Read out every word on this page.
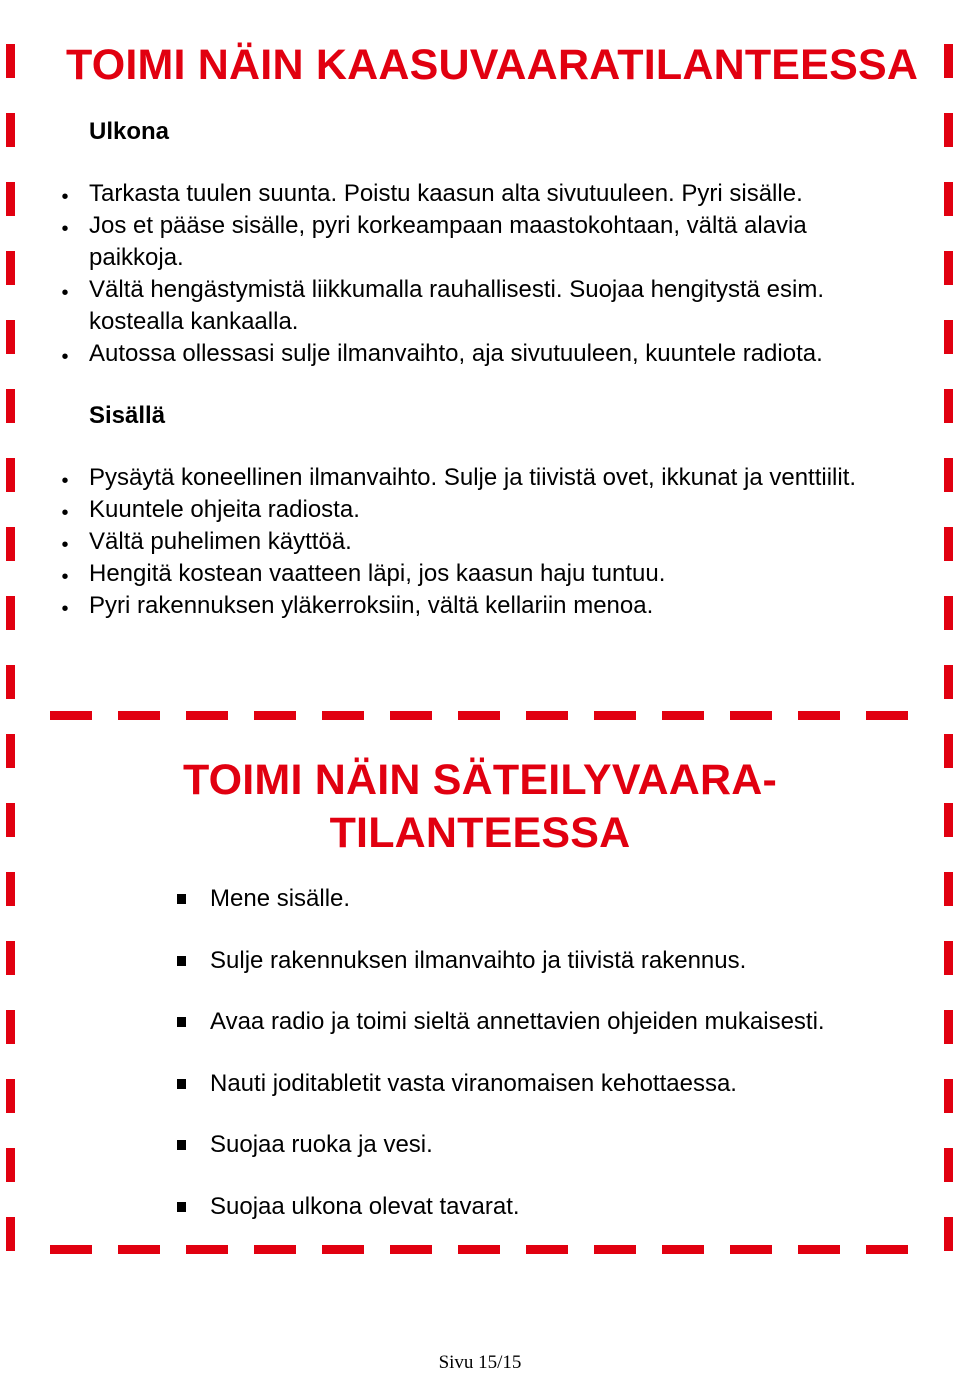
TOIMI NÄIN KAASUVAARATILANTEESSA

Ulkona

• Tarkasta tuulen suunta. Poistu kaasun alta sivutuuleen. Pyri sisälle.
• Jos et pääse sisälle, pyri korkeampaan maastokohtaan, vältä alavia paikkoja.
• Vältä hengästymistä liikkumalla rauhallisesti. Suojaa hengitystä esim. kostealla kankaalla.
• Autossa ollessasi sulje ilmanvaihto, aja sivutuuleen, kuuntele radiota.

Sisällä

• Pysäytä koneellinen ilmanvaihto. Sulje ja tiivistä ovet, ikkunat ja venttiilit.
• Kuuntele ohjeita radiosta.
• Vältä puhelimen käyttöä.
• Hengitä kostean vaatteen läpi, jos kaasun haju tuntuu.
• Pyri rakennuksen yläkerroksiin, vältä kellariin menoa.
TOIMI NÄIN SÄTEILYVAARA-
TILANTEESSA
Mene sisälle.
Sulje rakennuksen ilmanvaihto ja tiivistä rakennus.
Avaa radio ja toimi sieltä annettavien ohjeiden mukaisesti.
Nauti joditabletit vasta viranomaisen kehottaessa.
Suojaa ruoka ja vesi.
Suojaa ulkona olevat tavarat.
Sivu 15/15
